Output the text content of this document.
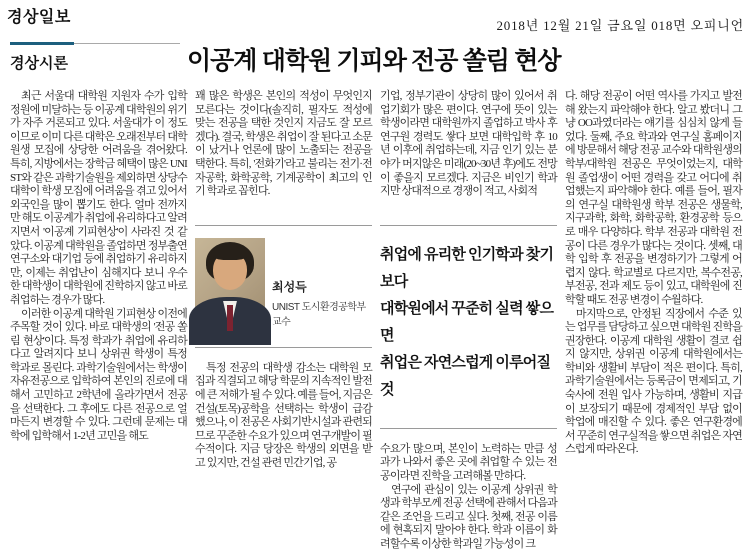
경상일보	2018년 12월 21일 금요일 018면 오피니언
경상시론	이공계 대학원 기피와 전공 쏠림 현상

최근 서울대 대학원 지원자 수가 입학 정원에 미달하는 등 이공계 대학원의 위기가 자주 거론되고 있다. 서울대가 이 정도이므로 이미 다른 대학은 오래전부터 대학원생 모집에 상당한 어려움을 겪어왔다. 특히, 지방에서는 장학금 혜택이 많은 UNIST와 같은 과학기술원을 제외하면 상당수 대학이 학생 모집에 어려움을 겪고 있어서 외국인을 많이 뽑기도 한다. 얼마 전까지만 해도 이공계가 취업에 유리하다고 알려지면서 '이공계 기피현상'이 사라진 것 같았다. 이공계 대학원을 졸업하면 정부출연연구소와 대기업 등에 취업하기 유리하지만, 이제는 취업난이 심해지다 보니 우수한 대학생이 대학원에 진학하지 않고 바로 취업하는 경우가 많다.

이러한 이공계 대학원 기피현상 이전에 주목할 것이 있다. 바로 대학생의 '전공 쏠림 현상'이다. 특정 학과가 취업에 유리하다고 알려지다 보니 상위권 학생이 특정 학과로 몰린다. 과학기술원에서는 학생이 자유전공으로 입학하여 본인의 진로에 대해서 고민하고 2학년에 올라가면서 전공을 선택한다. 그 후에도 다른 전공으로 얼마든지 변경할 수 있다. 그런데 문제는 대학에 입학해서 1-2년 고민을 해도

꽤 많은 학생은 본인의 적성이 무엇인지 모른다는 것이다(솔직히, 필자도 적성에 맞는 전공을 택한 것인지 지금도 잘 모르겠다). 결국, 학생은 취업이 잘 된다고 소문이 났거나 언론에 많이 노출되는 전공을 택한다. 특히, '전화기'라고 불리는 전기·전자공학, 화학공학, 기계공학이 최고의 인기 학과로 꼽힌다.

최성득
UNIST 도시환경공학부 교수

특정 전공의 대학생 감소는 대학원 모집과 직결되고 해당 학문의 지속적인 발전에 큰 저해가 될 수 있다. 예를 들어, 지금은 건설(토목)공학을 선택하는 학생이 급감했으나, 이 전공은 사회기반시설과 관련되므로 꾸준한 수요가 있으며 연구개발이 필수적이다. 지금 당장은 학생의 외면을 받고 있지만, 건설 관련 민간기업, 공

기업, 정부기관이 상당히 많이 있어서 취업기회가 많은 편이다. 연구에 뜻이 있는 학생이라면 대학원까지 졸업하고 박사 후 연구원 경력도 쌓다 보면 대학입학 후 10년 이후에 취업하는데, 지금 인기 있는 분야가 머지않은 미래(20~30년 후)에도 전망이 좋을지 모르겠다. 지금은 비인기 학과지만 상대적으로 경쟁이 적고, 사회적

취업에 유리한 인기학과 찾기보다
대학원에서 꾸준히 실력 쌓으면
취업은 자연스럽게 이루어질 것

수요가 많으며, 본인이 노력하는 만큼 성과가 나와서 좋은 곳에 취업할 수 있는 전공이라면 진학을 고려해볼 만하다.

연구에 관심이 있는 이공계 상위권 학생과 학부모께 전공 선택에 관해서 다음과 같은 조언을 드리고 싶다. 첫째, 전공 이름에 현혹되지 말아야 한다. 학과 이름이 화려할수록 이상한 학과일 가능성이 크

다. 해당 전공이 어떤 역사를 가지고 발전해 왔는지 파악해야 한다. 알고 봤더니 그냥 OO과였더라는 얘기를 심심치 않게 들었다. 둘째, 주요 학과와 연구실 홈페이지에 방문해서 해당 전공 교수와 대학원생의 학부/대학원 전공은 무엇이었는지, 대학원 졸업생이 어떤 경력을 갖고 어디에 취업했는지 파악해야 한다. 예를 들어, 필자의 연구실 대학원생 학부 전공은 생물학, 지구과학, 화학, 화학공학, 환경공학 등으로 매우 다양하다. 학부 전공과 대학원 전공이 다른 경우가 많다는 것이다. 셋째, 대학 입학 후 전공을 변경하기가 그렇게 어렵지 않다. 학교별로 다르지만, 복수전공, 부전공, 전과 제도 등이 있고, 대학원에 진학할 때도 전공 변경이 수월하다.

마지막으로, 안정된 직장에서 수준 있는 업무를 담당하고 싶으면 대학원 진학을 권장한다. 이공계 대학원 생활이 결코 쉽지 않지만, 상위권 이공계 대학원에서는 학비와 생활비 부담이 적은 편이다. 특히, 과학기술원에서는 등록금이 면제되고, 기숙사에 전원 입사 가능하며, 생활비 지급이 보장되기 때문에 경제적인 부담 없이 학업에 매진할 수 있다. 좋은 연구환경에서 꾸준히 연구실적을 쌓으면 취업은 자연스럽게 따라온다.
